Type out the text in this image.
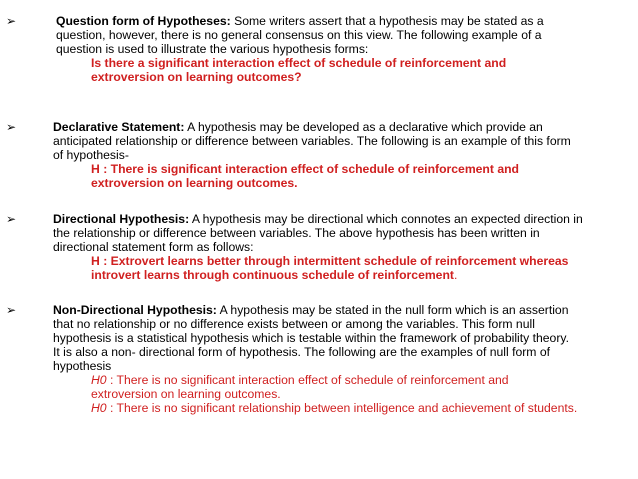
➢	Question form of Hypotheses: Some writers assert that a hypothesis may be stated as a question, however, there is no general consensus on this view. The following example of a question is used to illustrate the various hypothesis forms:
Is there a significant interaction effect of schedule of reinforcement and extroversion on learning outcomes?
➢	Declarative Statement: A hypothesis may be developed as a declarative which provide an anticipated relationship or difference between variables. The following is an example of this form of hypothesis-
H : There is significant interaction effect of schedule of reinforcement and extroversion on learning outcomes.
➢	Directional Hypothesis: A hypothesis may be directional which connotes an expected direction in the relationship or difference between variables. The above hypothesis has been written in directional statement form as follows:
H : Extrovert learns better through intermittent schedule of reinforcement whereas introvert learns through continuous schedule of reinforcement.
➢	Non-Directional Hypothesis: A hypothesis may be stated in the null form which is an assertion that no relationship or no difference exists between or among the variables. This form null hypothesis is a statistical hypothesis which is testable within the framework of probability theory. It is also a non- directional form of hypothesis. The following are the examples of null form of hypothesis
H0 : There is no significant interaction effect of schedule of reinforcement and extroversion on learning outcomes.
H0 : There is no significant relationship between intelligence and achievement of students.
